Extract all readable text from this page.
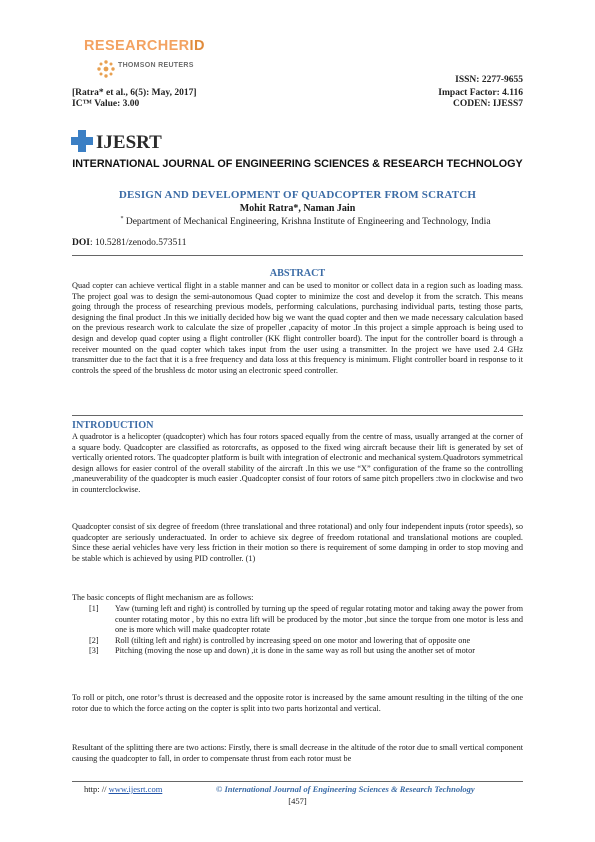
RESEARCHERID
THOMSON REUTERS
ISSN: 2277-9655
[Ratra* et al., 6(5): May, 2017]
IC™ Value: 3.00
Impact Factor: 4.116
CODEN: IJESS7
IJESRT
INTERNATIONAL JOURNAL OF ENGINEERING SCIENCES & RESEARCH TECHNOLOGY
DESIGN AND DEVELOPMENT OF QUADCOPTER FROM SCRATCH
Mohit Ratra*, Naman Jain
* Department of Mechanical Engineering, Krishna Institute of Engineering and Technology, India
DOI: 10.5281/zenodo.573511
ABSTRACT
Quad copter can achieve vertical flight in a stable manner and can be used to monitor or collect data in a region such as loading mass. The project goal was to design the semi-autonomous Quad copter to minimize the cost and develop it from the scratch. This means going through the process of researching previous models, performing calculations, purchasing individual parts, testing those parts, designing the final product .In this we initially decided how big we want the quad copter and then we made necessary calculation based on the previous research work to calculate the size of propeller ,capacity of motor .In this project a simple approach is being used to design and develop quad copter using a flight controller (KK flight controller board). The input for the controller board is through a receiver mounted on the quad copter which takes input from the user using a transmitter. In the project we have used 2.4 GHz transmitter due to the fact that it is a free frequency and data loss at this frequency is minimum. Flight controller board in response to it controls the speed of the brushless dc motor using an electronic speed controller.
INTRODUCTION
A quadrotor is a helicopter (quadcopter) which has four rotors spaced equally from the centre of mass, usually arranged at the corner of a square body. Quadcopter are classified as rotorcrafts, as opposed to the fixed wing aircraft because their lift is generated by set of vertically oriented rotors. The quadcopter platform is built with integration of electronic and mechanical system.Quadrotors symmetrical design allows for easier control of the overall stability of the aircraft .In this we use “X” configuration of the frame so the controlling ,maneuverability of the quadcopter is much easier .Quadcopter consist of four rotors of same pitch propellers :two in clockwise and two in counterclockwise.
Quadcopter consist of six degree of freedom (three translational and three rotational) and only four independent inputs (rotor speeds), so quadcopter are seriously underactuated. In order to achieve six degree of freedom rotational and translational motions are coupled. Since these aerial vehicles have very less friction in their motion so there is requirement of some damping in order to stop moving and be stable which is achieved by using PID controller. (1)
The basic concepts of flight mechanism are as follows:
[1]	Yaw (turning left and right) is controlled by turning up the speed of regular rotating motor and taking away the power from counter rotating motor , by this no extra lift will be produced by the motor ,but since the torque from one motor is less and one is more which will make quadcopter rotate
[2]	Roll (tilting left and right) is controlled by increasing speed on one motor and lowering that of opposite one
[3]	Pitching (moving the nose up and down) ,it is done in the same way as roll but using the another set of motor
To roll or pitch, one rotor’s thrust is decreased and the opposite rotor is increased by the same amount resulting in the tilting of the one rotor due to which the force acting on the copter is split into two parts horizontal and vertical.
Resultant of the splitting there are two actions: Firstly, there is small decrease in the altitude of the rotor due to small vertical component causing the quadcopter to fall, in order to compensate thrust from each rotor must be
http: // www.ijesrt.com	© International Journal of Engineering Sciences & Research Technology
[457]
